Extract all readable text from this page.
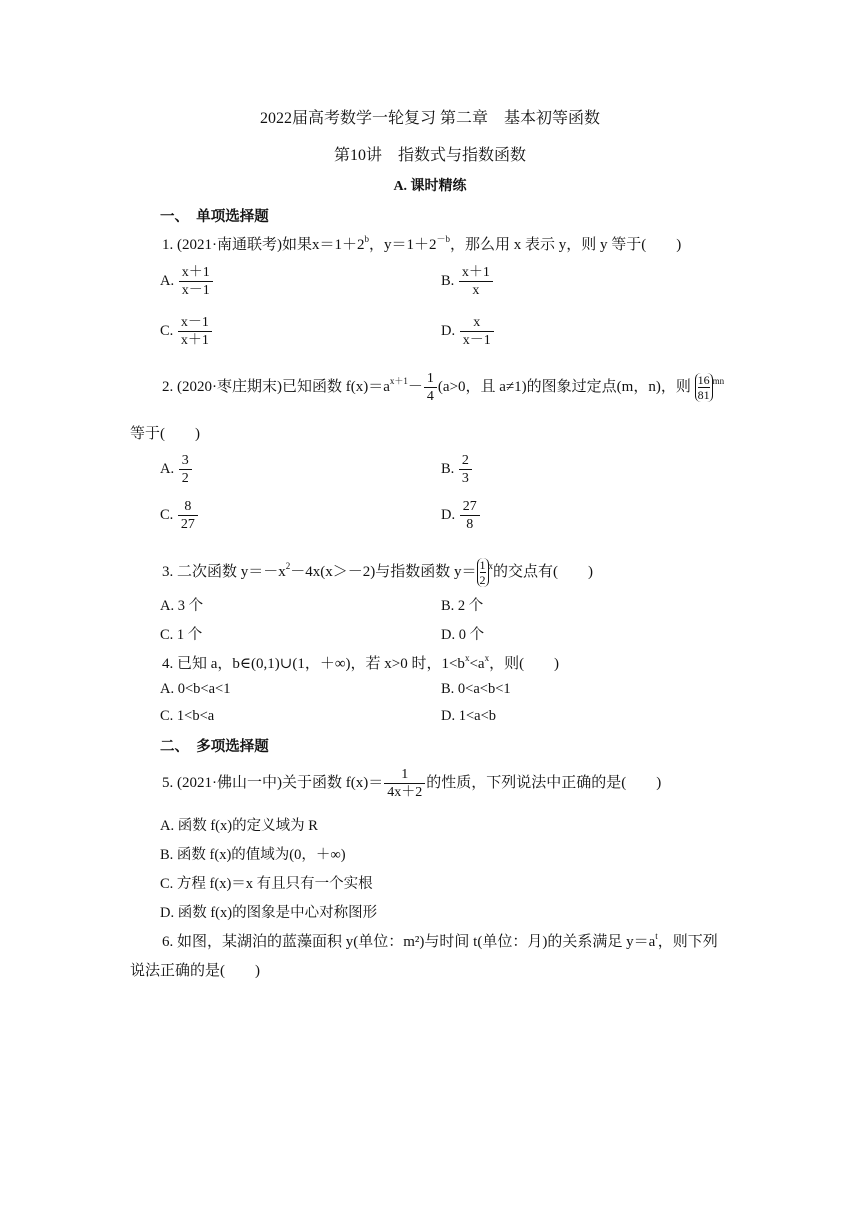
2022届高考数学一轮复习 第二章　基本初等函数
第10讲　指数式与指数函数
A. 课时精练
一、　单项选择题
1. (2021·南通联考)如果$x=1+2^b$，$y=1+2^{-b}$，那么用 x 表示 y，则 y 等于(　　)
A. $\frac{x+1}{x-1}$	B. $\frac{x+1}{x}$
C. $\frac{x-1}{x+1}$	D. $\frac{x}{x-1}$
2. (2020·枣庄期末)已知函数 $f(x)=a^{x+1}- \frac{1}{4} (a>0$，且 a≠1)的图象过定点(m，n)，则 $\frac{16}{81} ^{mn}$
等于(　　)
A. $\frac{3}{2}$	B. $\frac{2}{3}$
C. $\frac{8}{27}$	D. $\frac{27}{8}$
3. 二次函数 $y=-x^2-4x(x>-2)$与指数函数 $y= \frac{1}{2} ^x$的交点有(　　)
A. 3 个	B. 2 个
C. 1 个	D. 0 个
4. 已知 a，b∈(0,1)∪(1，＋∞)，若 x>0 时，$1<b^x<a^x$，则(　　)
A. 0<b<a<1	B. 0<a<b<1
C. 1<b<a	D. 1<a<b
二、　多项选择题
5. (2021·佛山一中)关于函数 $f(x)= \frac{1}{4x+2}$ 的性质，下列说法中正确的是(　　)
A. 函数 f(x)的定义域为 R
B. 函数 f(x)的值域为(0，＋∞)
C. 方程 f(x)＝x 有且只有一个实根
D. 函数 f(x)的图象是中心对称图形
6. 如图，某湖泊的蓝藻面积 y(单位：m²)与时间 t(单位：月)的关系满足 $y=a^t$，则下列
说法正确的是(　　)
